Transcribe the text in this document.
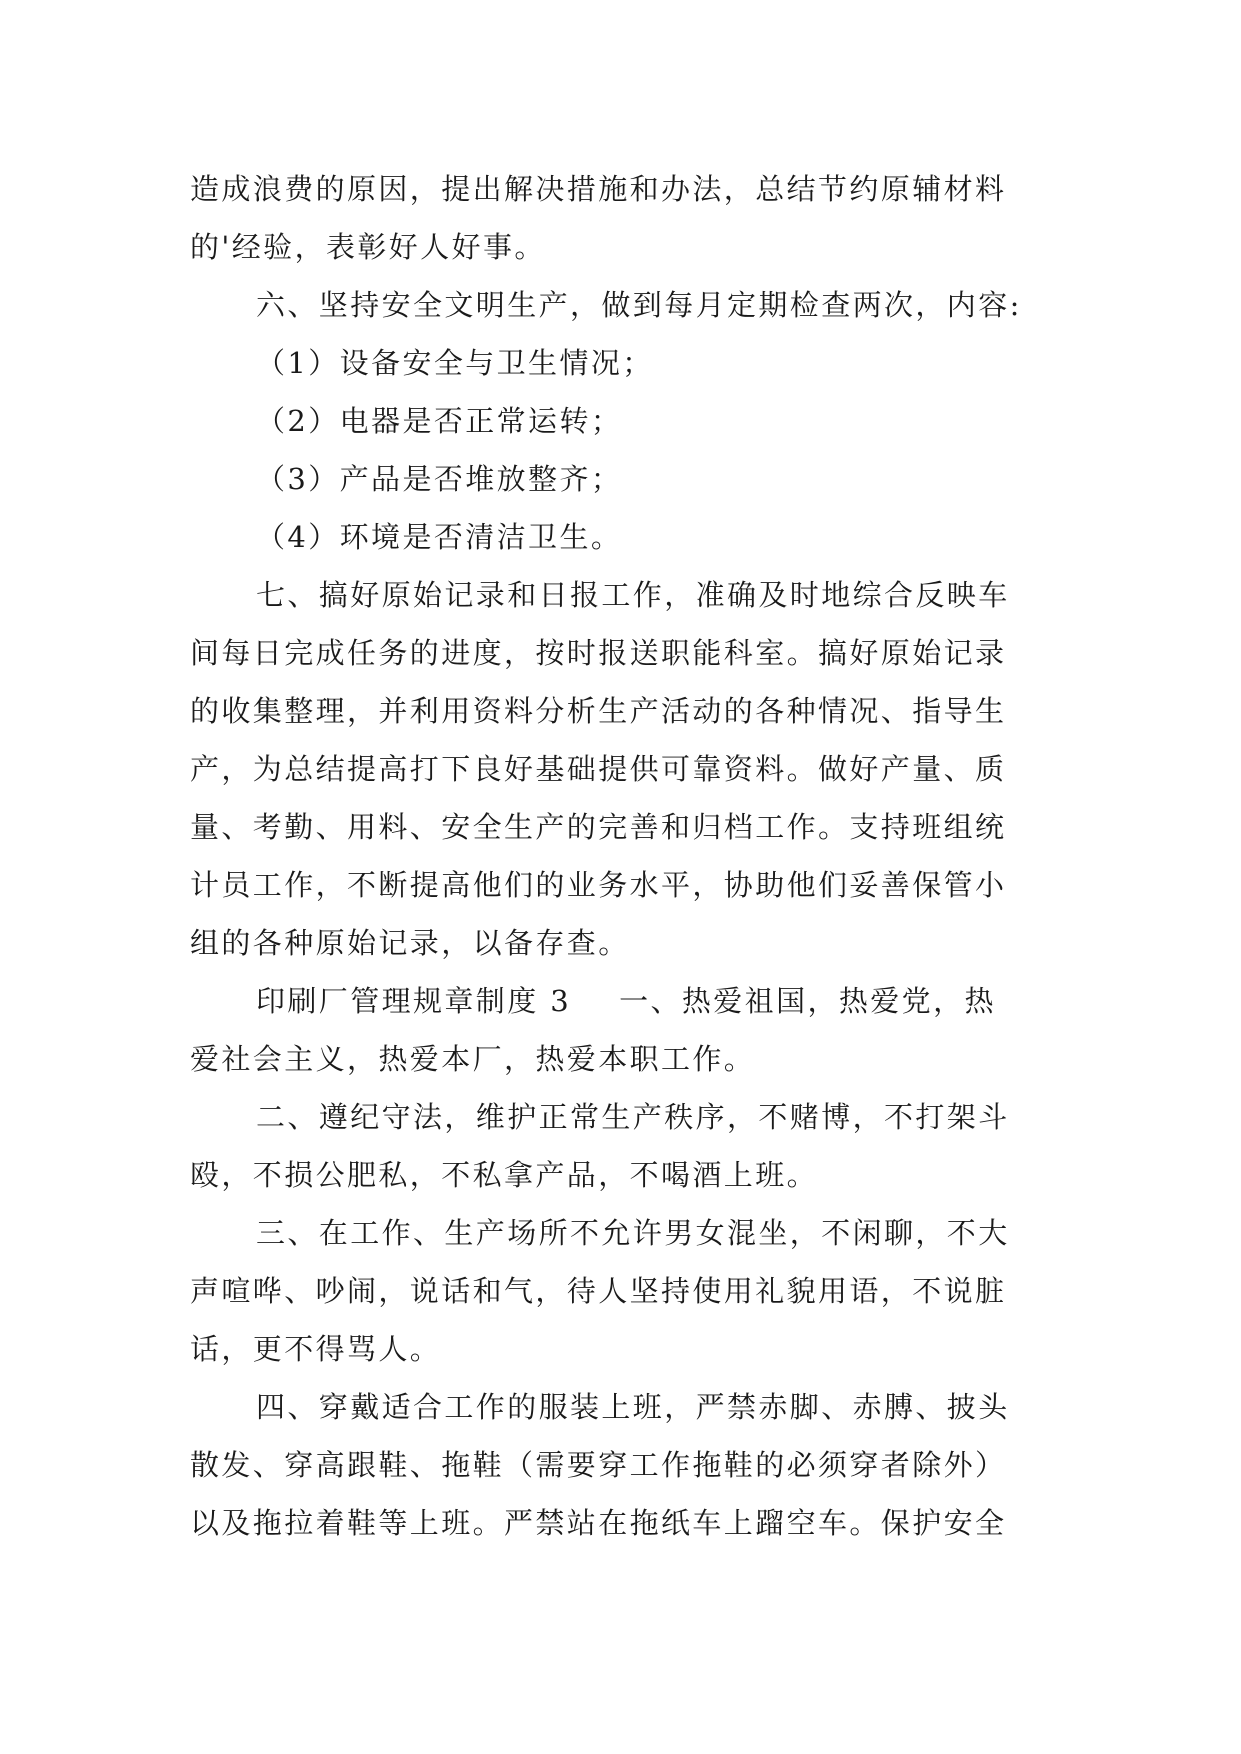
造成浪费的原因，提出解决措施和办法，总结节约原辅材料
的'经验，表彰好人好事。
六、坚持安全文明生产，做到每月定期检查两次，内容:
（1）设备安全与卫生情况；
（2）电器是否正常运转；
（3）产品是否堆放整齐；
（4）环境是否清洁卫生。
七、搞好原始记录和日报工作，准确及时地综合反映车
间每日完成任务的进度，按时报送职能科室。搞好原始记录
的收集整理，并利用资料分析生产活动的各种情况、指导生
产，为总结提高打下良好基础提供可靠资料。做好产量、质
量、考勤、用料、安全生产的完善和归档工作。支持班组统
计员工作，不断提高他们的业务水平，协助他们妥善保管小
组的各种原始记录，以备存查。
印刷厂管理规章制度 3 一、热爱祖国，热爱党，热
爱社会主义，热爱本厂，热爱本职工作。
二、遵纪守法，维护正常生产秩序，不赌博，不打架斗
殴，不损公肥私，不私拿产品，不喝酒上班。
三、在工作、生产场所不允许男女混坐，不闲聊，不大
声喧哗、吵闹，说话和气，待人坚持使用礼貌用语，不说脏
话，更不得骂人。
四、穿戴适合工作的服装上班，严禁赤脚、赤膊、披头
散发、穿高跟鞋、拖鞋（需要穿工作拖鞋的必须穿者除外）
以及拖拉着鞋等上班。严禁站在拖纸车上蹓空车。保护安全
